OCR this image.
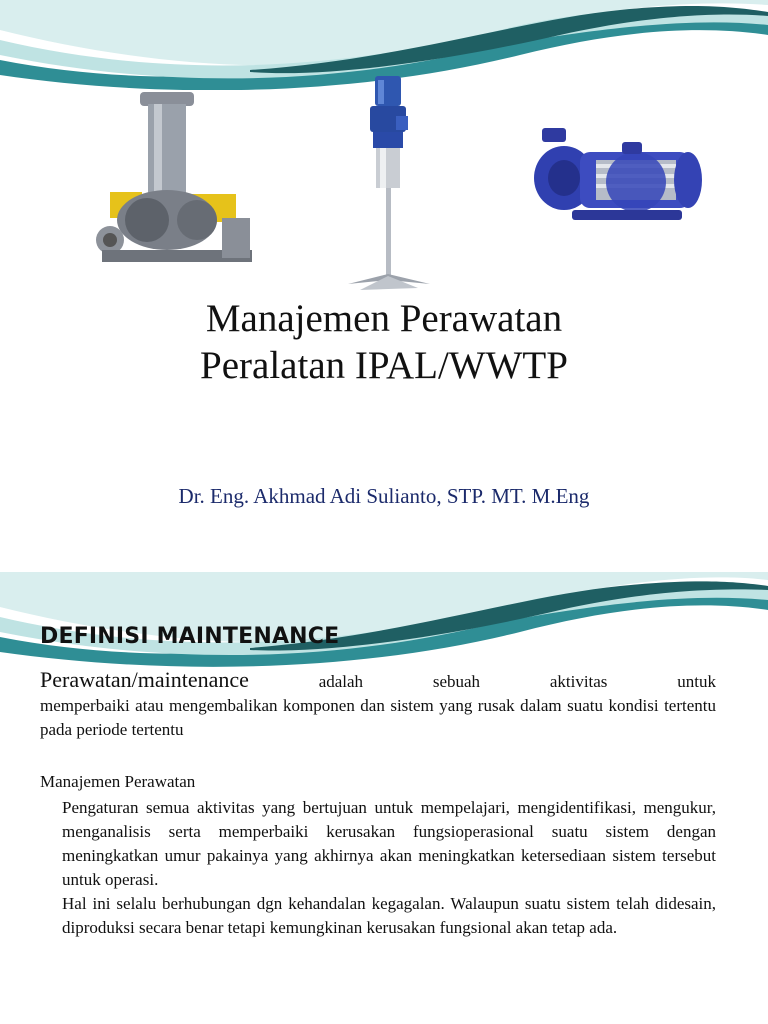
Manajemen Perawatan
Peralatan IPAL/WWTP
Dr. Eng. Akhmad Adi Sulianto, STP. MT. M.Eng
DEFINISI MAINTENANCE
Perawatan/maintenance	adalah	sebuah	aktivitas	untuk
memperbaiki atau mengembalikan komponen dan sistem yang rusak dalam suatu kondisi tertentu pada periode tertentu
Manajemen Perawatan

Pengaturan semua aktivitas yang bertujuan untuk mempelajari, mengidentifikasi, mengukur, menganalisis serta memperbaiki kerusakan fungsioperasional suatu sistem dengan meningkatkan umur pakainya yang akhirnya akan meningkatkan ketersediaan sistem tersebut untuk operasi.

Hal ini selalu berhubungan dgn kehandalan kegagalan. Walaupun suatu sistem telah didesain, diproduksi secara benar tetapi kemungkinan kerusakan fungsional akan tetap ada.
